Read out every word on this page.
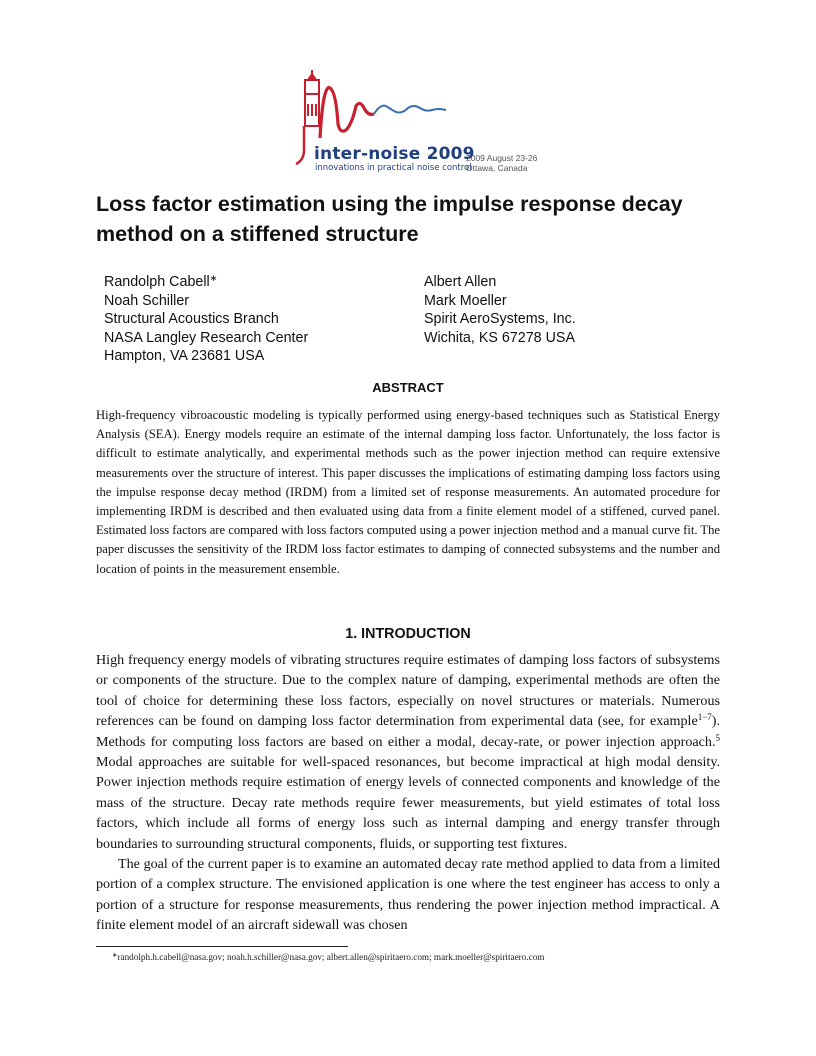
inter-noise 2009
innovations in practical noise control
2009 August 23-26
Ottawa, Canada
Loss factor estimation using the impulse response decay method on a stiffened structure
Randolph Cabell∗
Noah Schiller
Structural Acoustics Branch
NASA Langley Research Center
Hampton, VA 23681 USA
Albert Allen
Mark Moeller
Spirit AeroSystems, Inc.
Wichita, KS 67278 USA
ABSTRACT

High-frequency vibroacoustic modeling is typically performed using energy-based techniques such as Statistical Energy Analysis (SEA). Energy models require an estimate of the internal damping loss factor. Unfortunately, the loss factor is difficult to estimate analytically, and experimental methods such as the power injection method can require extensive measurements over the structure of interest. This paper discusses the implications of estimating damping loss factors using the impulse response decay method (IRDM) from a limited set of response measurements. An automated procedure for implementing IRDM is described and then evaluated using data from a finite element model of a stiffened, curved panel. Estimated loss factors are compared with loss factors computed using a power injection method and a manual curve fit. The paper discusses the sensitivity of the IRDM loss factor estimates to damping of connected subsystems and the number and location of points in the measurement ensemble.

1. INTRODUCTION

High frequency energy models of vibrating structures require estimates of damping loss factors of subsystems or components of the structure. Due to the complex nature of damping, experimental methods are often the tool of choice for determining these loss factors, especially on novel structures or materials. Numerous references can be found on damping loss factor determination from experimental data (see, for example$^{1-7}$). Methods for computing loss factors are based on either a modal, decay-rate, or power injection approach.$^5$ Modal approaches are suitable for well-spaced resonances, but become impractical at high modal density. Power injection methods require estimation of energy levels of connected components and knowledge of the mass of the structure. Decay rate methods require fewer measurements, but yield estimates of total loss factors, which include all forms of energy loss such as internal damping and energy transfer through boundaries to surrounding structural components, fluids, or supporting test fixtures.

The goal of the current paper is to examine an automated decay rate method applied to data from a limited portion of a complex structure. The envisioned application is one where the test engineer has access to only a portion of a structure for response measurements, thus rendering the power injection method impractical. A finite element model of an aircraft sidewall was chosen

∗randolph.h.cabell@nasa.gov; noah.h.schiller@nasa.gov; albert.allen@spiritaero.com; mark.moeller@spiritaero.com
